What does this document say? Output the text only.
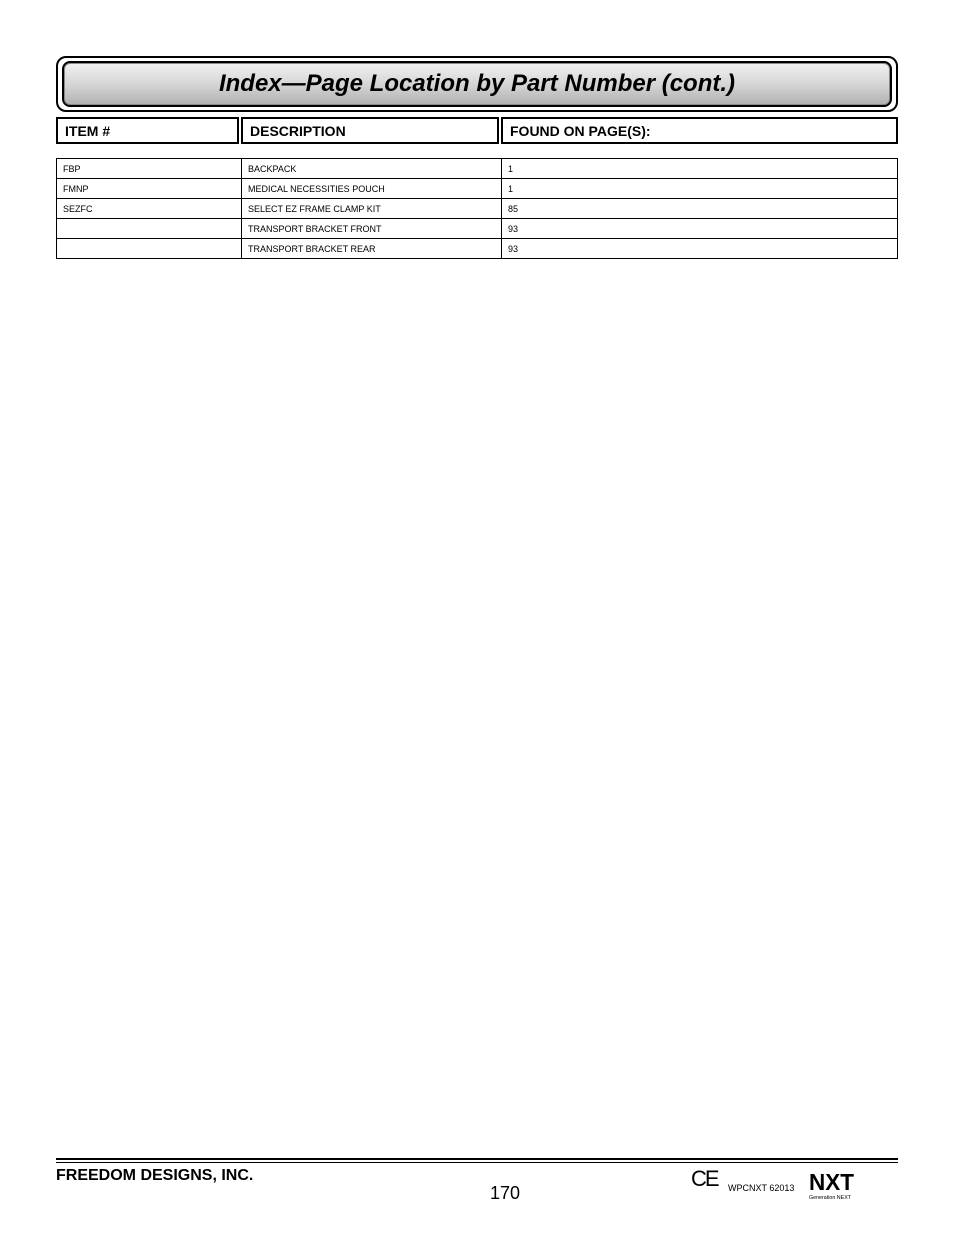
Index—Page Location by Part Number (cont.)
ITEM #	DESCRIPTION	FOUND ON PAGE(S):
FBP	BACKPACK	1
FMNP	MEDICAL NECESSITIES POUCH	1
SEZFC	SELECT EZ FRAME CLAMP KIT	85
	TRANSPORT BRACKET FRONT	93
	TRANSPORT BRACKET REAR	93
FREEDOM DESIGNS, INC.
170
CE WPCNXT 62013 NXT
Generation NEXT
